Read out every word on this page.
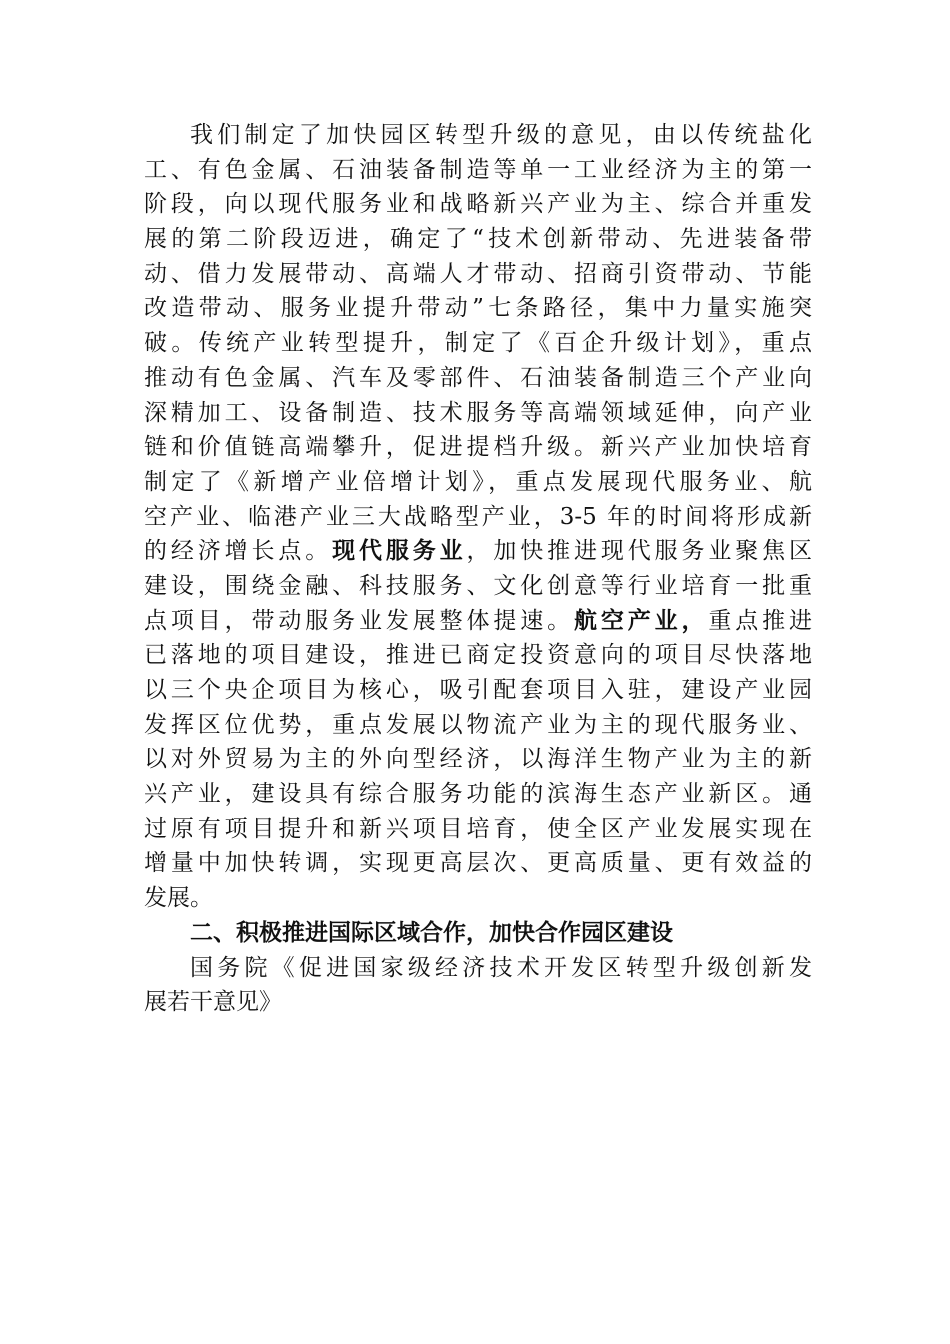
我们制定了加快园区转型升级的意见，由以传统盐化
工、有色金属、石油装备制造等单一工业经济为主的第一
阶段，向以现代服务业和战略新兴产业为主、综合并重发
展的第二阶段迈进，确定了“技术创新带动、先进装备带
动、借力发展带动、高端人才带动、招商引资带动、节能
改造带动、服务业提升带动”七条路径，集中力量实施突
破。传统产业转型提升，制定了《百企升级计划》，重点
推动有色金属、汽车及零部件、石油装备制造三个产业向
深精加工、设备制造、技术服务等高端领域延伸，向产业
链和价值链高端攀升，促进提档升级。新兴产业加快培育
制定了《新增产业倍增计划》，重点发展现代服务业、航
空产业、临港产业三大战略型产业，3-5 年的时间将形成新
的经济增长点。现代服务业，加快推进现代服务业聚焦区
建设，围绕金融、科技服务、文化创意等行业培育一批重
点项目，带动服务业发展整体提速。航空产业，重点推进
已落地的项目建设，推进已商定投资意向的项目尽快落地
以三个央企项目为核心，吸引配套项目入驻，建设产业园
发挥区位优势，重点发展以物流产业为主的现代服务业、
以对外贸易为主的外向型经济，以海洋生物产业为主的新
兴产业，建设具有综合服务功能的滨海生态产业新区。通
过原有项目提升和新兴项目培育，使全区产业发展实现在
增量中加快转调，实现更高层次、更高质量、更有效益的
发展。
二、积极推进国际区域合作，加快合作园区建设
国务院《促进国家级经济技术开发区转型升级创新发
展若干意见》
